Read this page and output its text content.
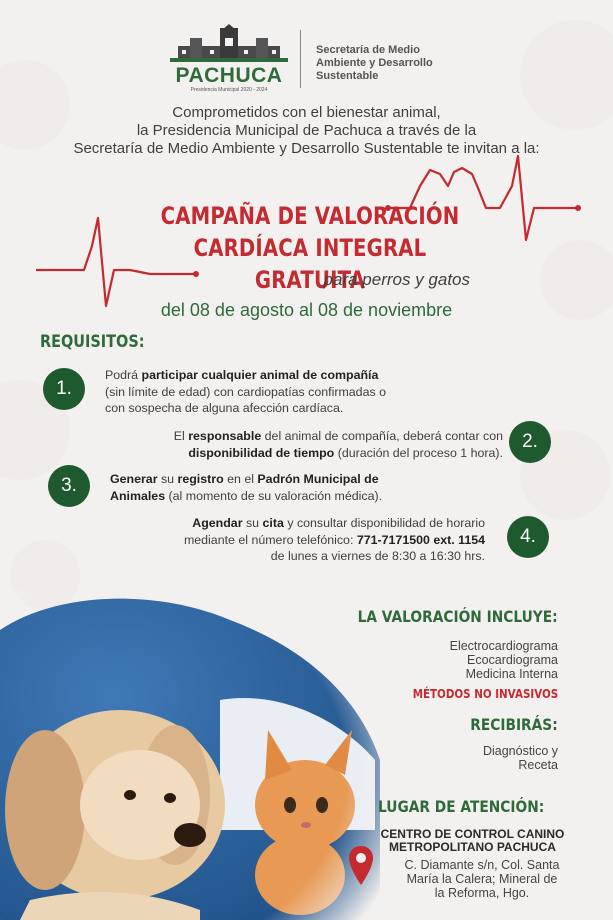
PACHUCA
Presidencia Municipal 2020 - 2024
Secretaría de Medio
Ambiente y Desarrollo
Sustentable
Comprometidos con el bienestar animal,
la Presidencia Municipal de Pachuca a través de la
Secretaría de Medio Ambiente y Desarrollo Sustentable te invitan a la:
CAMPAÑA DE VALORACIÓN
CARDÍACA INTEGRAL GRATUITA
para perros y gatos
del 08 de agosto al 08 de noviembre
REQUISITOS:
1.
Podrá participar cualquier animal de compañía
(sin límite de edad) con cardiopatías confirmadas o
con sospecha de alguna afección cardíaca.
2.
El responsable del animal de compañía, deberá contar con
disponibilidad de tiempo (duración del proceso 1 hora).
3.	Generar su registro en el Padrón Municipal de
Animales (al momento de su valoración médica).
4.
Agendar su cita y consultar disponibilidad de horario
mediante el número telefónico: 771-7171500 ext. 1154
de lunes a viernes de 8:30 a 16:30 hrs.
LA VALORACIÓN INCLUYE:
Electrocardiograma
Ecocardiograma
Medicina Interna
MÉTODOS NO INVASIVOS
RECIBIRÁS:
Diagnóstico y
Receta
LUGAR DE ATENCIÓN:
CENTRO DE CONTROL CANINO
METROPOLITANO PACHUCA
C. Diamante s/n, Col. Santa
María la Calera; Mineral de
la Reforma, Hgo.
